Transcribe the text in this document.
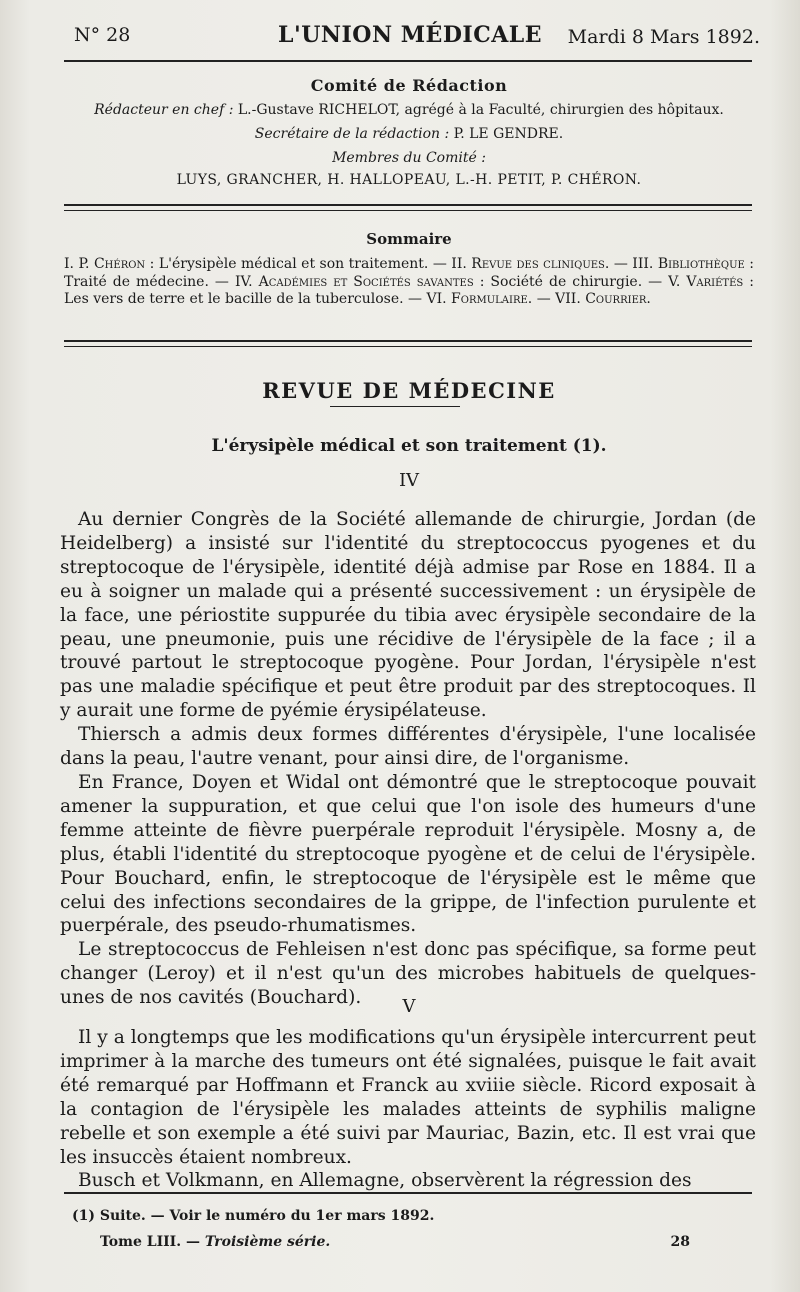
N° 28	L'UNION MÉDICALE	Mardi 8 Mars 1892.
Comité de Rédaction
Rédacteur en chef : L.-Gustave RICHELOT, agrégé à la Faculté, chirurgien des hôpitaux.
Secrétaire de la rédaction : P. LE GENDRE.
Membres du Comité :
LUYS, GRANCHER, H. HALLOPEAU, L.-H. PETIT, P. CHÉRON.
Sommaire
I. P. Chéron : L'érysipèle médical et son traitement. — II. Revue des cliniques. — III. Bibliothèque : Traité de médecine. — IV. Académies et Sociétés savantes : Société de chirurgie. — V. Variétés : Les vers de terre et le bacille de la tuberculose. — VI. Formulaire. — VII. Courrier.
REVUE DE MÉDECINE
L'érysipèle médical et son traitement (1).
IV

Au dernier Congrès de la Société allemande de chirurgie, Jordan (de Heidelberg) a insisté sur l'identité du streptococcus pyogenes et du streptocoque de l'érysipèle, identité déjà admise par Rose en 1884. Il a eu à soigner un malade qui a présenté successivement : un érysipèle de la face, une périostite suppurée du tibia avec érysipèle secondaire de la peau, une pneumonie, puis une récidive de l'érysipèle de la face ; il a trouvé partout le streptocoque pyogène. Pour Jordan, l'érysipèle n'est pas une maladie spécifique et peut être produit par des streptocoques. Il y aurait une forme de pyémie érysipélateuse.

Thiersch a admis deux formes différentes d'érysipèle, l'une localisée dans la peau, l'autre venant, pour ainsi dire, de l'organisme.

En France, Doyen et Widal ont démontré que le streptocoque pouvait amener la suppuration, et que celui que l'on isole des humeurs d'une femme atteinte de fièvre puerpérale reproduit l'érysipèle. Mosny a, de plus, établi l'identité du streptocoque pyogène et de celui de l'érysipèle. Pour Bouchard, enfin, le streptocoque de l'érysipèle est le même que celui des infections secondaires de la grippe, de l'infection purulente et puerpérale, des pseudo-rhumatismes.

Le streptococcus de Fehleisen n'est donc pas spécifique, sa forme peut changer (Leroy) et il n'est qu'un des microbes habituels de quelques-unes de nos cavités (Bouchard).	V

Il y a longtemps que les modifications qu'un érysipèle intercurrent peut imprimer à la marche des tumeurs ont été signalées, puisque le fait avait été remarqué par Hoffmann et Franck au xviiie siècle. Ricord exposait à la contagion de l'érysipèle les malades atteints de syphilis maligne rebelle et son exemple a été suivi par Mauriac, Bazin, etc. Il est vrai que les insuccès étaient nombreux.

Busch et Volkmann, en Allemagne, observèrent la régression des

(1) Suite. — Voir le numéro du 1er mars 1892.
Tome LIII. — Troisième série.	28
